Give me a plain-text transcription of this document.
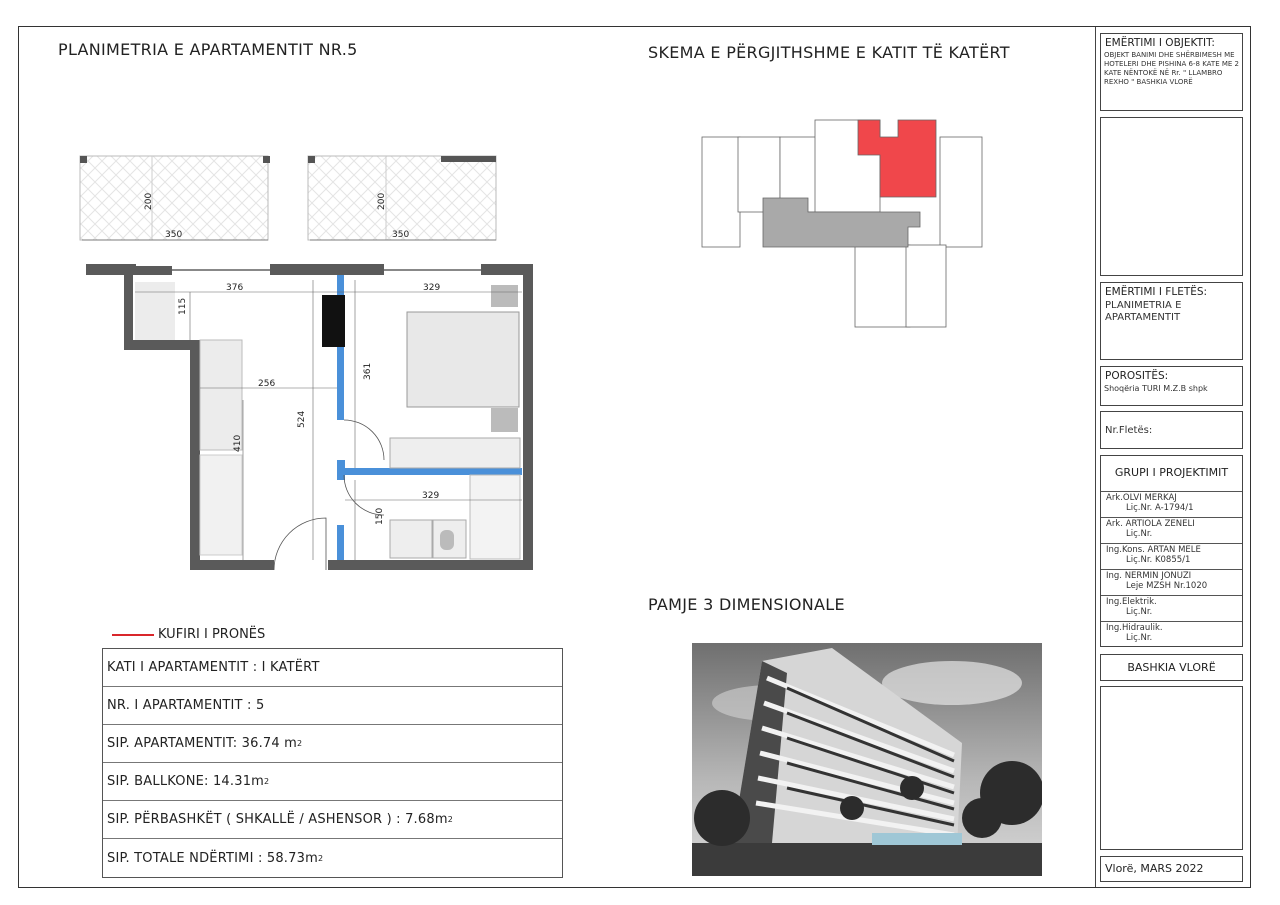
PLANIMETRIA E APARTAMENTIT NR.5	SKEMA E PËRGJITHSHME E KATIT TË KATËRT
PAMJE 3 DIMENSIONALE
200
350
200
350
376	329
115
361
256
524
410
329
150
KUFIRI I PRONËS
KATI I APARTAMENTIT : I KATËRT
NR. I APARTAMENTIT : 5
SIP. APARTAMENTIT: 36.74 m 2
SIP. BALLKONE: 14.31m 2
SIP. PËRBASHKËT ( SHKALLË / ASHENSOR ) : 7.68m 2
SIP. TOTALE NDËRTIMI : 58.73m 2
EMËRTIMI I OBJEKTIT:
OBJEKT BANIMI DHE SHËRBIMESH ME HOTELERI DHE PISHINA 6-8 KATE ME 2 KATE NËNTOKË NË Rr. " LLAMBRO REXHO " BASHKIA VLORË
EMËRTIMI I FLETËS:
PLANIMETRIA E APARTAMENTIT
POROSITËS:
Shoqëria TURI M.Z.B shpk
Nr.Fletës:
GRUPI I PROJEKTIMIT
Ark.OLVI MERKAJ
Liç.Nr. A-1794/1
Ark. ARTIOLA ZENELI
Liç.Nr.
Ing.Kons. ARTAN MELE
Liç.Nr. K0855/1
Ing. NERMIN JONUZI
Leje MZSH Nr.1020
Ing.Elektrik.
Liç.Nr.
Ing.Hidraulik.
Liç.Nr.
BASHKIA VLORË
Vlorë, MARS 2022
